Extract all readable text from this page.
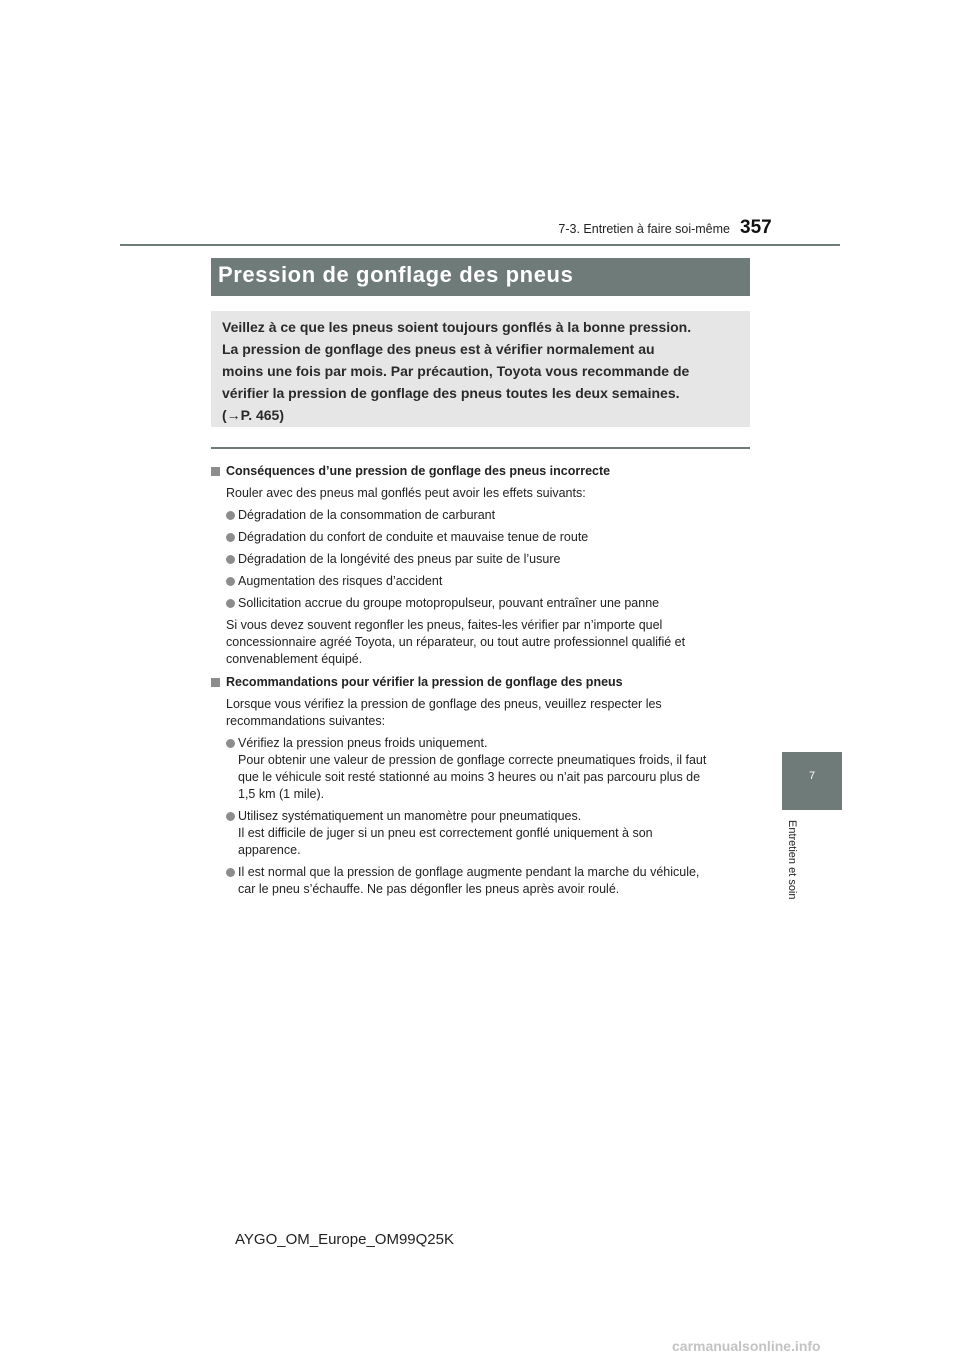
7-3. Entretien à faire soi-même 357
Pression de gonflage des pneus
Veillez à ce que les pneus soient toujours gonflés à la bonne pression.
La pression de gonflage des pneus est à vérifier normalement au
moins une fois par mois. Par précaution, Toyota vous recommande de
vérifier la pression de gonflage des pneus toutes les deux semaines.
(→P. 465)
Conséquences d’une pression de gonflage des pneus incorrecte
Rouler avec des pneus mal gonflés peut avoir les effets suivants:
Dégradation de la consommation de carburant
Dégradation du confort de conduite et mauvaise tenue de route
Dégradation de la longévité des pneus par suite de l’usure
Augmentation des risques d’accident
Sollicitation accrue du groupe motopropulseur, pouvant entraîner une panne
Si vous devez souvent regonfler les pneus, faites-les vérifier par n’importe quel
concessionnaire agréé Toyota, un réparateur, ou tout autre professionnel qualifié et
convenablement équipé.
Recommandations pour vérifier la pression de gonflage des pneus
Lorsque vous vérifiez la pression de gonflage des pneus, veuillez respecter les
recommandations suivantes:
Vérifiez la pression pneus froids uniquement.
Pour obtenir une valeur de pression de gonflage correcte pneumatiques froids, il faut
que le véhicule soit resté stationné au moins 3 heures ou n’ait pas parcouru plus de
1,5 km (1 mile).
Utilisez systématiquement un manomètre pour pneumatiques.
Il est difficile de juger si un pneu est correctement gonflé uniquement à son
apparence.
Il est normal que la pression de gonflage augmente pendant la marche du véhicule,
car le pneu s’échauffe. Ne pas dégonfler les pneus après avoir roulé.
7
Entretien et soin
AYGO_OM_Europe_OM99Q25K
carmanualsonline.info
